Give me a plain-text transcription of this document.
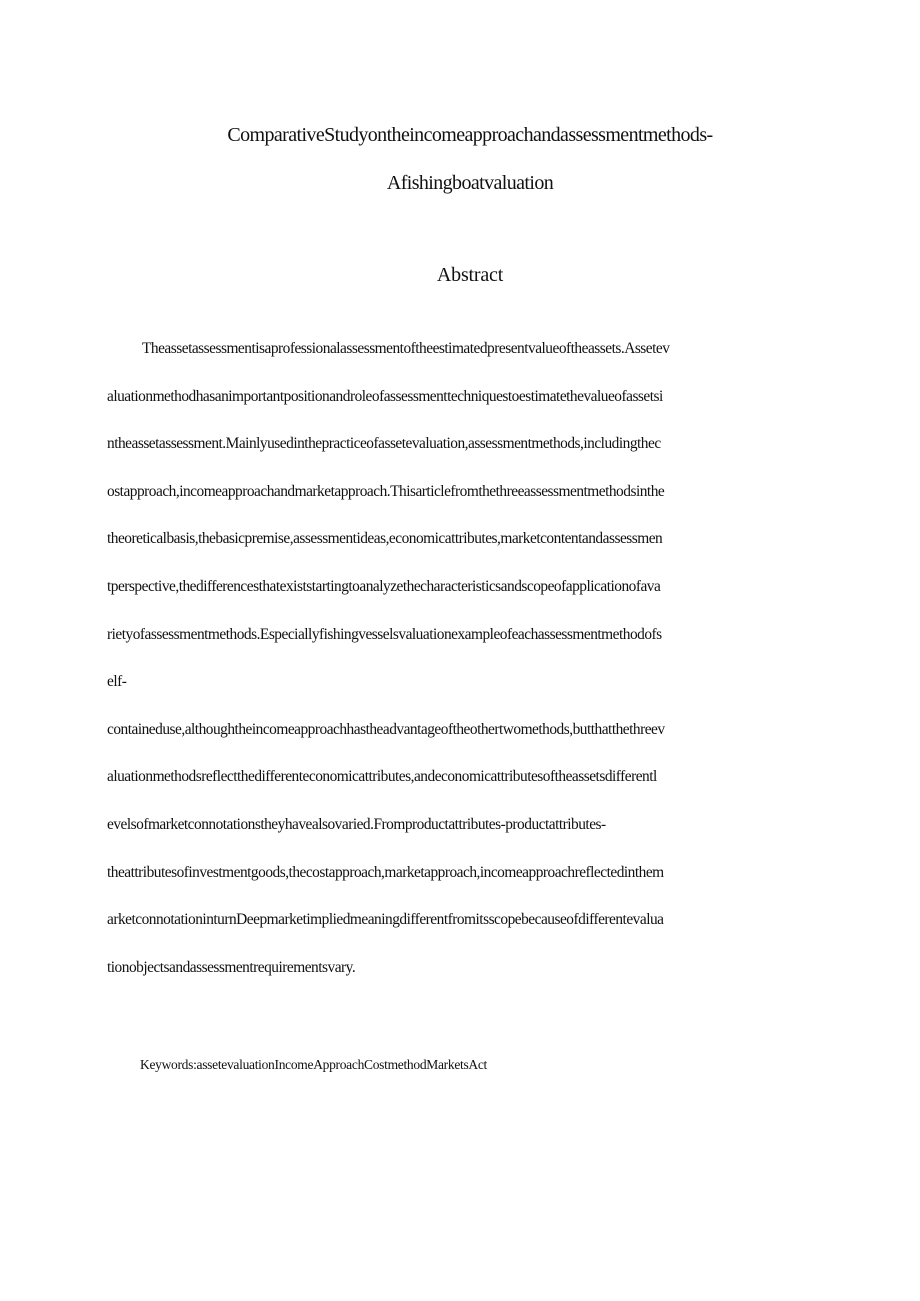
ComparativeStudyontheincomeapproachandassessmentmethods-
Afishingboatvaluation
Abstract
Theassetassessmentisaprofessionalassessmentoftheestimatedpresentvalueoftheassets.Assetev
aluationmethodhasanimportantpositionandroleofassessmenttechniquestoestimatethevalueofassetsi
ntheassetassessment.Mainlyusedinthepracticeofassetevaluation,assessmentmethods,includingthec
ostapproach,incomeapproachandmarketapproach.Thisarticlefromthethreeassessmentmethodsinthe
theoreticalbasis,thebasicpremise,assessmentideas,economicattributes,marketcontentandassessmen
tperspective,thedifferencesthatexiststartingtoanalyzethecharacteristicsandscopeofapplicationofava
rietyofassessmentmethods.Especiallyfishingvesselsvaluationexampleofeachassessmentmethodofs
elf-
containeduse,althoughtheincomeapproachhastheadvantageoftheothertwomethods,butthatthethreev
aluationmethodsreflectthedifferenteconomicattributes,andeconomicattributesoftheassetsdifferentl
evelsofmarketconnotationstheyhavealsovaried.Fromproductattributes-productattributes-
theattributesofinvestmentgoods,thecostapproach,marketapproach,incomeapproachreflectedinthem
arketconnotationinturnDeepmarketimpliedmeaningdifferentfromitsscopebecauseofdifferentevalua
tionobjectsandassessmentrequirementsvary.
Keywords:assetevaluationIncomeApproachCostmethodMarketsAct
